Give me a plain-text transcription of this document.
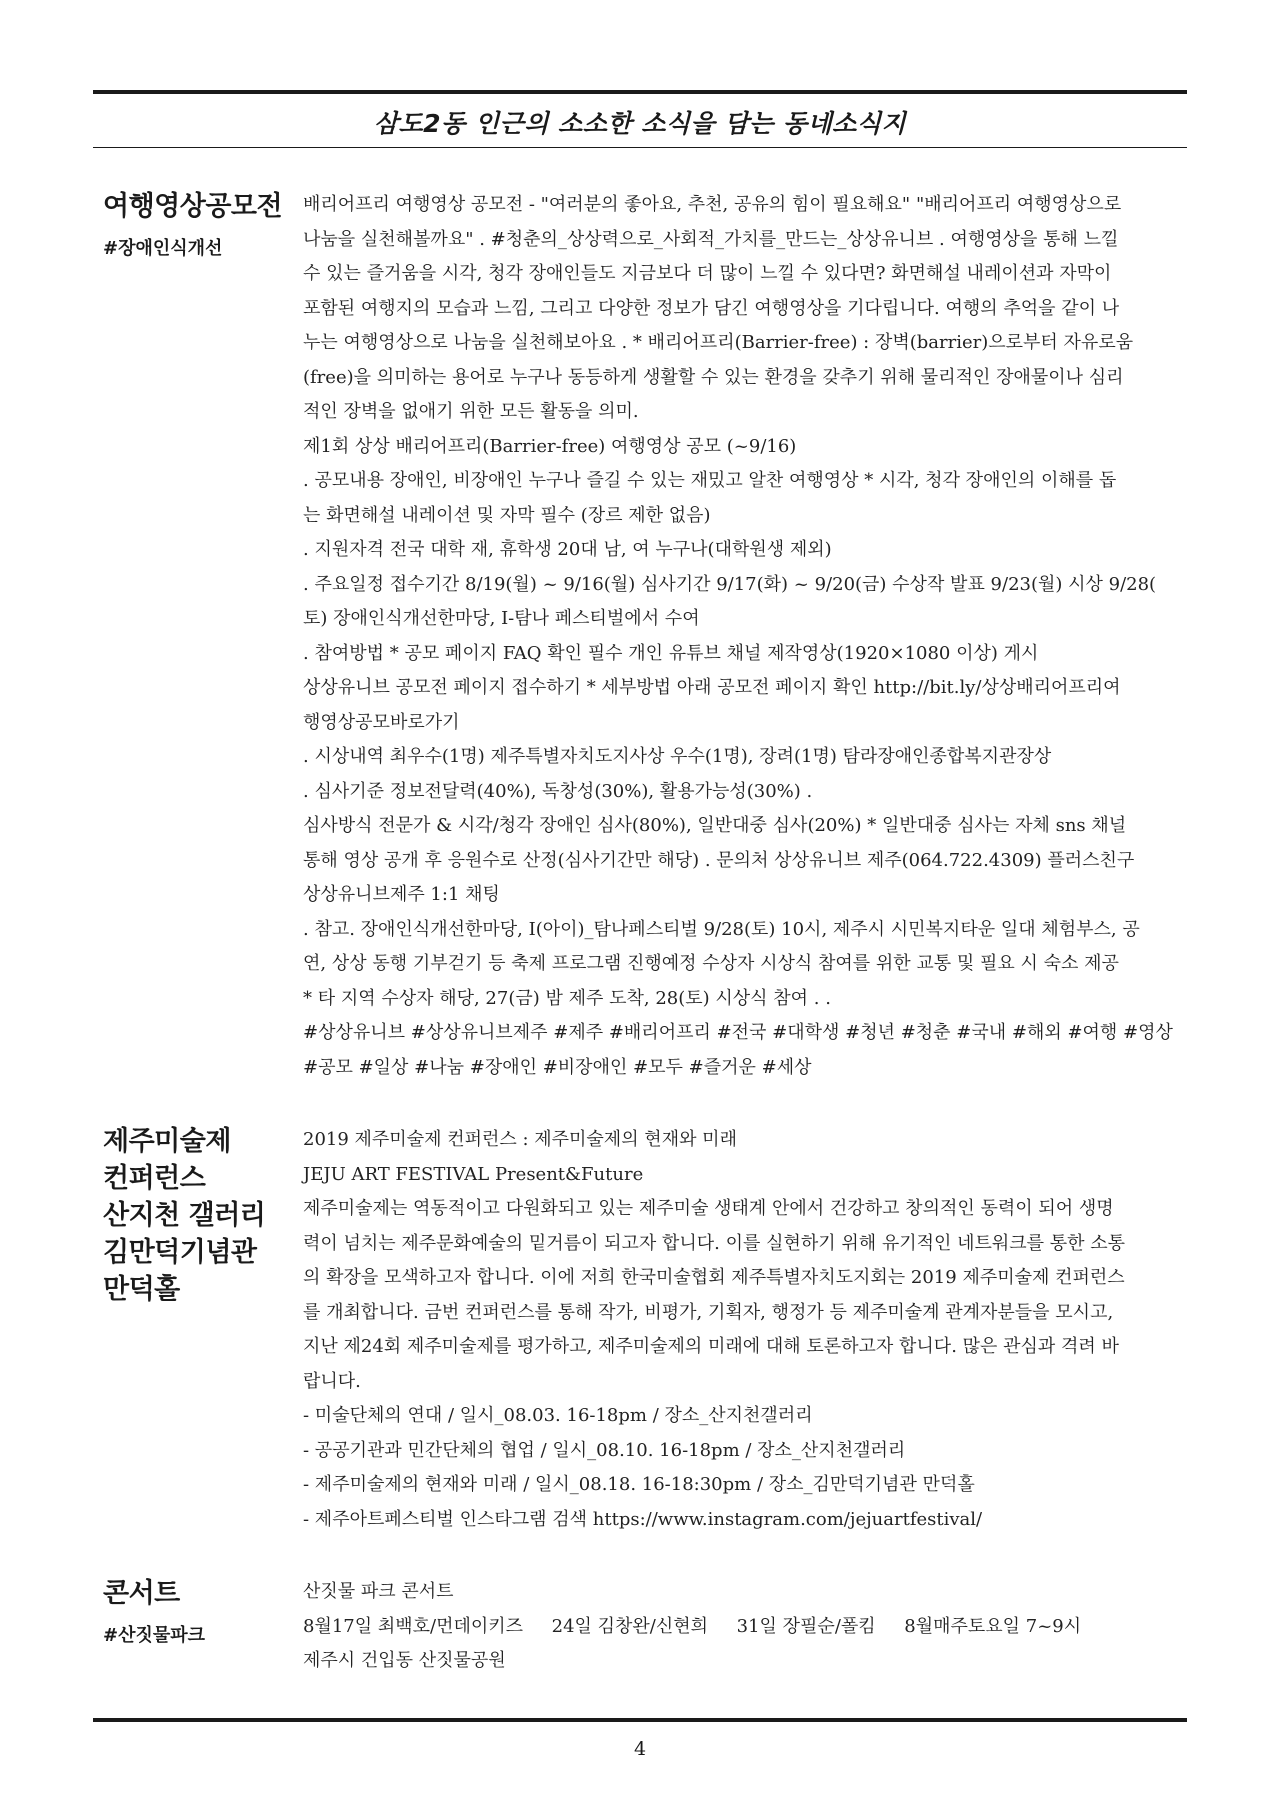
삼도2동 인근의 소소한 소식을 담는 동네소식지
여행영상공모전
#장애인식개선
배리어프리 여행영상 공모전 - "여러분의 좋아요, 추천, 공유의 힘이 필요해요" "배리어프리 여행영상으로
나눔을 실천해볼까요" . #청춘의_상상력으로_사회적_가치를_만드는_상상유니브 . 여행영상을 통해 느낄
수 있는 즐거움을 시각, 청각 장애인들도 지금보다 더 많이 느낄 수 있다면? 화면해설 내레이션과 자막이
포함된 여행지의 모습과 느낌, 그리고 다양한 정보가 담긴 여행영상을 기다립니다. 여행의 추억을 같이 나
누는 여행영상으로 나눔을 실천해보아요 . * 배리어프리(Barrier-free) : 장벽(barrier)으로부터 자유로움
(free)을 의미하는 용어로 누구나 동등하게 생활할 수 있는 환경을 갖추기 위해 물리적인 장애물이나 심리
적인 장벽을 없애기 위한 모든 활동을 의미.
제1회 상상 배리어프리(Barrier-free) 여행영상 공모 (~9/16)
. 공모내용 장애인, 비장애인 누구나 즐길 수 있는 재밌고 알찬 여행영상 * 시각, 청각 장애인의 이해를 돕
는 화면해설 내레이션 및 자막 필수 (장르 제한 없음)
. 지원자격 전국 대학 재, 휴학생 20대 남, 여 누구나(대학원생 제외)
. 주요일정 접수기간 8/19(월) ~ 9/16(월) 심사기간 9/17(화) ~ 9/20(금) 수상작 발표 9/23(월) 시상 9/28(
토) 장애인식개선한마당, I-탐나 페스티벌에서 수여
. 참여방법 * 공모 페이지 FAQ 확인 필수 개인 유튜브 채널 제작영상(1920×1080 이상) 게시
상상유니브 공모전 페이지 접수하기 * 세부방법 아래 공모전 페이지 확인 http://bit.ly/상상배리어프리여
행영상공모바로가기
. 시상내역 최우수(1명) 제주특별자치도지사상 우수(1명), 장려(1명) 탐라장애인종합복지관장상
. 심사기준 정보전달력(40%), 독창성(30%), 활용가능성(30%) .
심사방식 전문가 & 시각/청각 장애인 심사(80%), 일반대중 심사(20%) * 일반대중 심사는 자체 sns 채널
통해 영상 공개 후 응원수로 산정(심사기간만 해당) . 문의처 상상유니브 제주(064.722.4309) 플러스친구
상상유니브제주 1:1 채팅
. 참고. 장애인식개선한마당, I(아이)_탐나페스티벌 9/28(토) 10시, 제주시 시민복지타운 일대 체험부스, 공
연, 상상 동행 기부걷기 등 축제 프로그램 진행예정 수상자 시상식 참여를 위한 교통 및 필요 시 숙소 제공
* 타 지역 수상자 해당, 27(금) 밤 제주 도착, 28(토) 시상식 참여 . .
#상상유니브 #상상유니브제주 #제주 #배리어프리 #전국 #대학생 #청년 #청춘 #국내 #해외 #여행 #영상
#공모 #일상 #나눔 #장애인 #비장애인 #모두 #즐거운 #세상
제주미술제
컨퍼런스
산지천 갤러리
김만덕기념관
만덕홀
2019 제주미술제 컨퍼런스 : 제주미술제의 현재와 미래
JEJU ART FESTIVAL Present&Future
제주미술제는 역동적이고 다원화되고 있는 제주미술 생태계 안에서 건강하고 창의적인 동력이 되어 생명
력이 넘치는 제주문화예술의 밑거름이 되고자 합니다. 이를 실현하기 위해 유기적인 네트워크를 통한 소통
의 확장을 모색하고자 합니다. 이에 저희 한국미술협회 제주특별자치도지회는 2019 제주미술제 컨퍼런스
를 개최합니다. 금번 컨퍼런스를 통해 작가, 비평가, 기획자, 행정가 등 제주미술계 관계자분들을 모시고,
지난 제24회 제주미술제를 평가하고, 제주미술제의 미래에 대해 토론하고자 합니다. 많은 관심과 격려 바
랍니다.
- 미술단체의 연대 / 일시_08.03. 16-18pm / 장소_산지천갤러리
- 공공기관과 민간단체의 협업 / 일시_08.10. 16-18pm / 장소_산지천갤러리
- 제주미술제의 현재와 미래 / 일시_08.18. 16-18:30pm / 장소_김만덕기념관 만덕홀
- 제주아트페스티벌 인스타그램 검색 https://www.instagram.com/jejuartfestival/
콘서트
#산짓물파크
산짓물 파크 콘서트
8월17일 최백호/먼데이키즈     24일 김창완/신현희     31일 장필순/폴킴     8월매주토요일 7~9시
제주시 건입동 산짓물공원
4
